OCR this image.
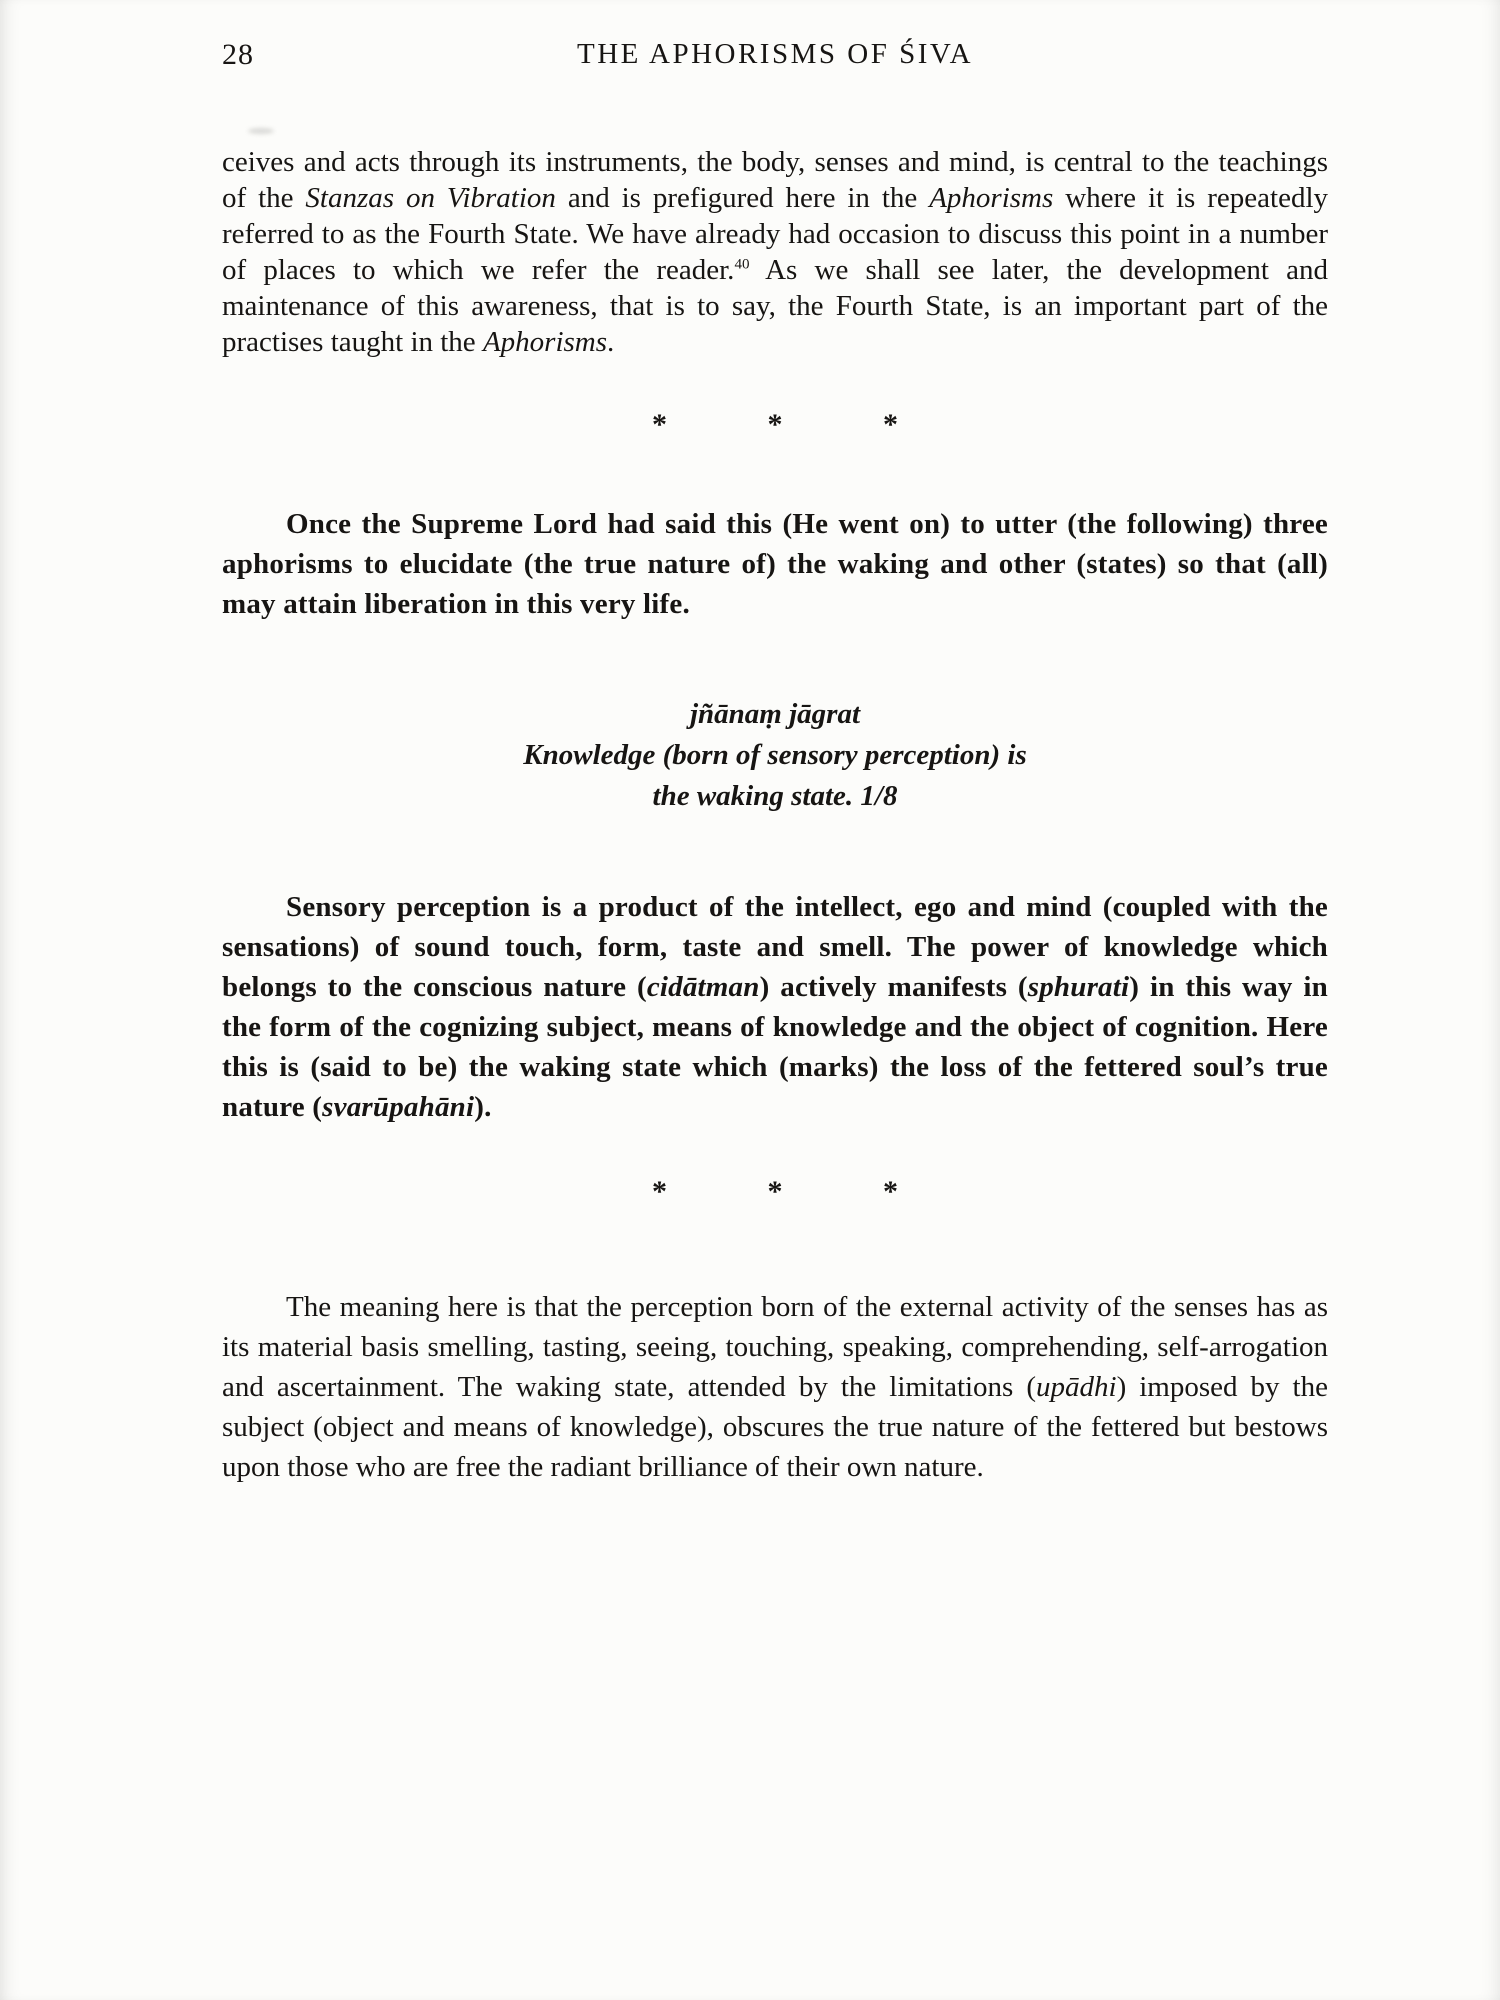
28	THE APHORISMS OF ŚIVA

ceives and acts through its instruments, the body, senses and mind, is central to the teachings of the Stanzas on Vibration and is prefigured here in the Aphorisms where it is repeatedly referred to as the Fourth State. We have already had occasion to discuss this point in a number of places to which we refer the reader.$^{40}$ As we shall see later, the development and maintenance of this awareness, that is to say, the Fourth State, is an important part of the practises taught in the Aphorisms.

* * *

Once the Supreme Lord had said this (He went on) to utter (the following) three aphorisms to elucidate (the true nature of) the waking and other (states) so that (all) may attain liberation in this very life.

jñānaṃ jāgrat
Knowledge (born of sensory perception) is
the waking state. 1/8

Sensory perception is a product of the intellect, ego and mind (coupled with the sensations) of sound touch, form, taste and smell. The power of knowledge which belongs to the conscious nature (cidātman) actively manifests (sphurati) in this way in the form of the cognizing subject, means of knowledge and the object of cognition. Here this is (said to be) the waking state which (marks) the loss of the fettered soul’s true nature (svarūpahāni).

* * *

The meaning here is that the perception born of the external activity of the senses has as its material basis smelling, tasting, seeing, touching, speaking, comprehending, self-arrogation and ascertainment. The waking state, attended by the limitations (upādhi) imposed by the subject (object and means of knowledge), obscures the true nature of the fettered but bestows upon those who are free the radiant brilliance of their own nature.
